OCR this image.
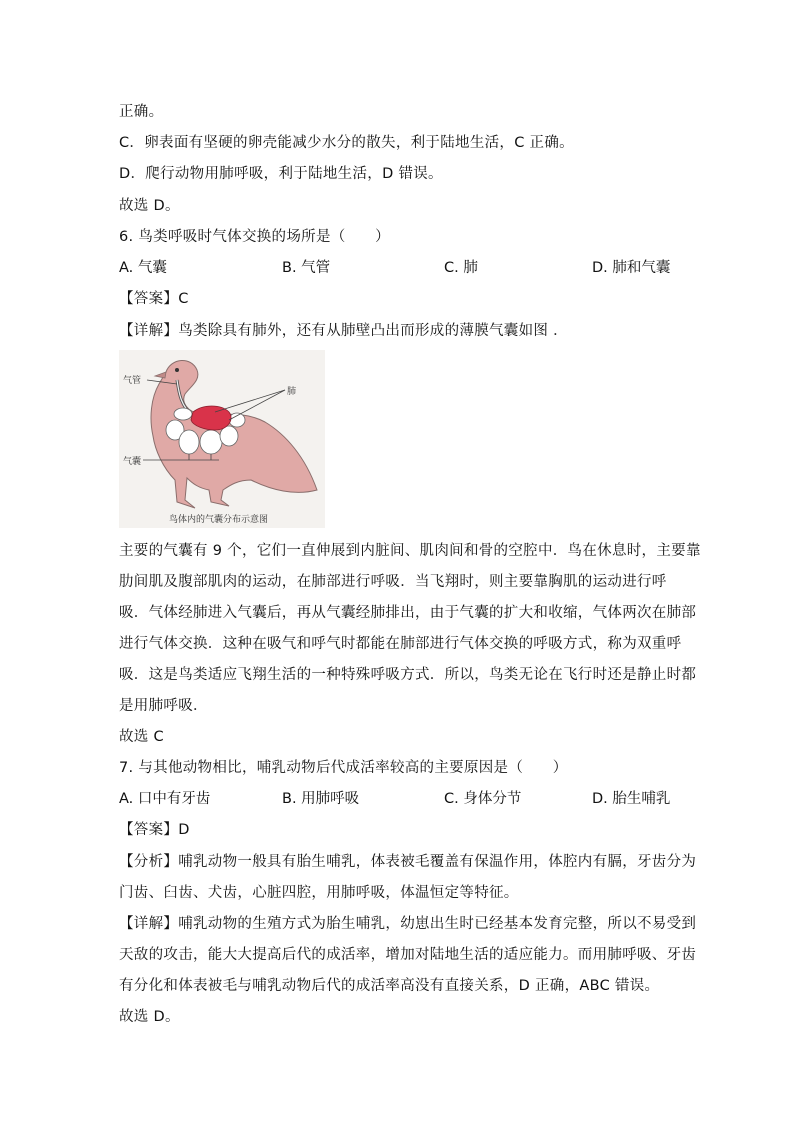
正确。
C．卵表面有坚硬的卵壳能减少水分的散失，利于陆地生活，C 正确。
D．爬行动物用肺呼吸，利于陆地生活，D 错误。
故选 D。
6. 鸟类呼吸时气体交换的场所是（　　）
A. 气囊	B. 气管	C. 肺	D. 肺和气囊
【答案】C
【详解】鸟类除具有肺外，还有从肺壁凸出而形成的薄膜气囊如图 ．
气管
肺
气囊
鸟体内的气囊分布示意图
主要的气囊有 9 个，它们一直伸展到内脏间、肌肉间和骨的空腔中．鸟在休息时，主要靠
肋间肌及腹部肌肉的运动，在肺部进行呼吸．当飞翔时，则主要靠胸肌的运动进行呼
吸．气体经肺进入气囊后，再从气囊经肺排出，由于气囊的扩大和收缩，气体两次在肺部
进行气体交换．这种在吸气和呼气时都能在肺部进行气体交换的呼吸方式，称为双重呼
吸．这是鸟类适应飞翔生活的一种特殊呼吸方式．所以，鸟类无论在飞行时还是静止时都
是用肺呼吸．
故选 C
7. 与其他动物相比，哺乳动物后代成活率较高的主要原因是（　　）
A. 口中有牙齿	B. 用肺呼吸	C. 身体分节	D. 胎生哺乳
【答案】D
【分析】哺乳动物一般具有胎生哺乳，体表被毛覆盖有保温作用，体腔内有膈，牙齿分为
门齿、臼齿、犬齿，心脏四腔，用肺呼吸，体温恒定等特征。
【详解】哺乳动物的生殖方式为胎生哺乳，幼崽出生时已经基本发育完整，所以不易受到
天敌的攻击，能大大提高后代的成活率，增加对陆地生活的适应能力。而用肺呼吸、牙齿
有分化和体表被毛与哺乳动物后代的成活率高没有直接关系，D 正确，ABC 错误。
故选 D。
